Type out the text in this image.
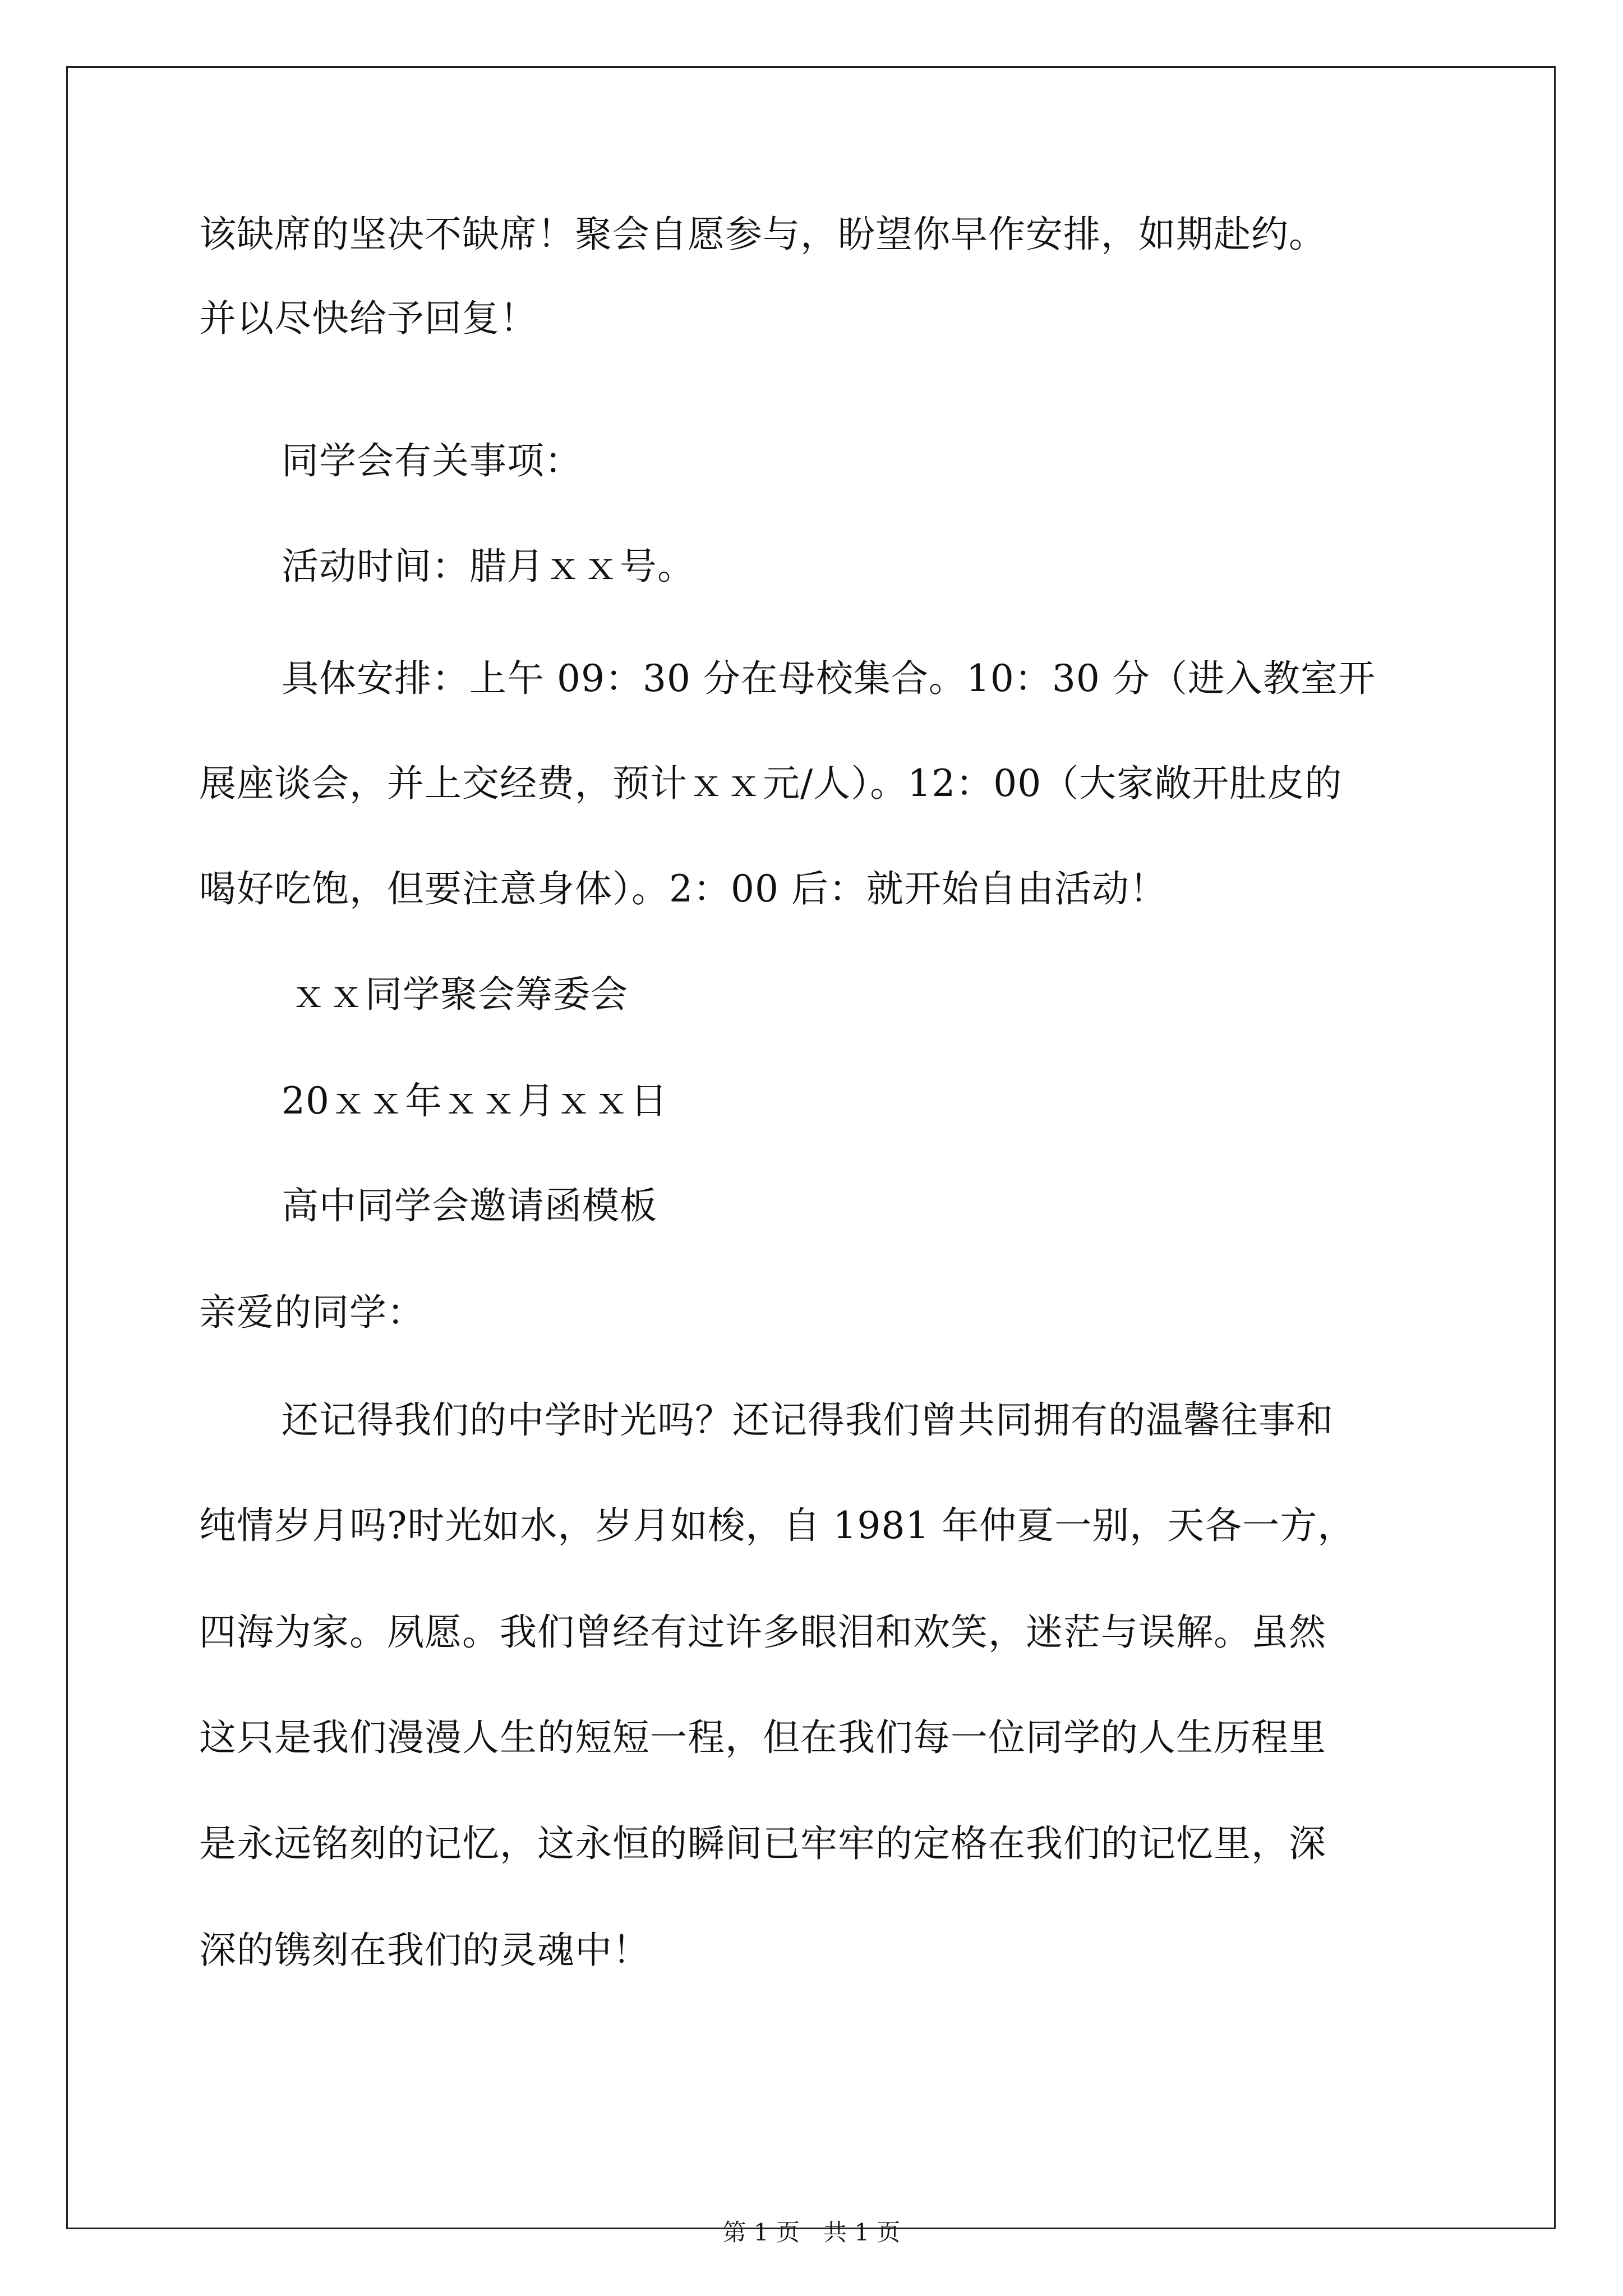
该缺席的坚决不缺席！聚会自愿参与，盼望你早作安排，如期赴约。
并以尽快给予回复！
同学会有关事项：
活动时间：腊月ｘｘ号。
具体安排：上午 09：30 分在母校集合。10：30 分（进入教室开
展座谈会，并上交经费，预计ｘｘ元/人）。12：00（大家敞开肚皮的
喝好吃饱，但要注意身体）。2：00 后：就开始自由活动！
ｘｘ同学聚会筹委会
20ｘｘ年ｘｘ月ｘｘ日
高中同学会邀请函模板
亲爱的同学：
还记得我们的中学时光吗？还记得我们曾共同拥有的温馨往事和
纯情岁月吗?时光如水，岁月如梭，自 1981 年仲夏一别，天各一方，
四海为家。夙愿。我们曾经有过许多眼泪和欢笑，迷茫与误解。虽然
这只是我们漫漫人生的短短一程，但在我们每一位同学的人生历程里
是永远铭刻的记忆，这永恒的瞬间已牢牢的定格在我们的记忆里，深
深的镌刻在我们的灵魂中！
第 1 页　共 1 页
